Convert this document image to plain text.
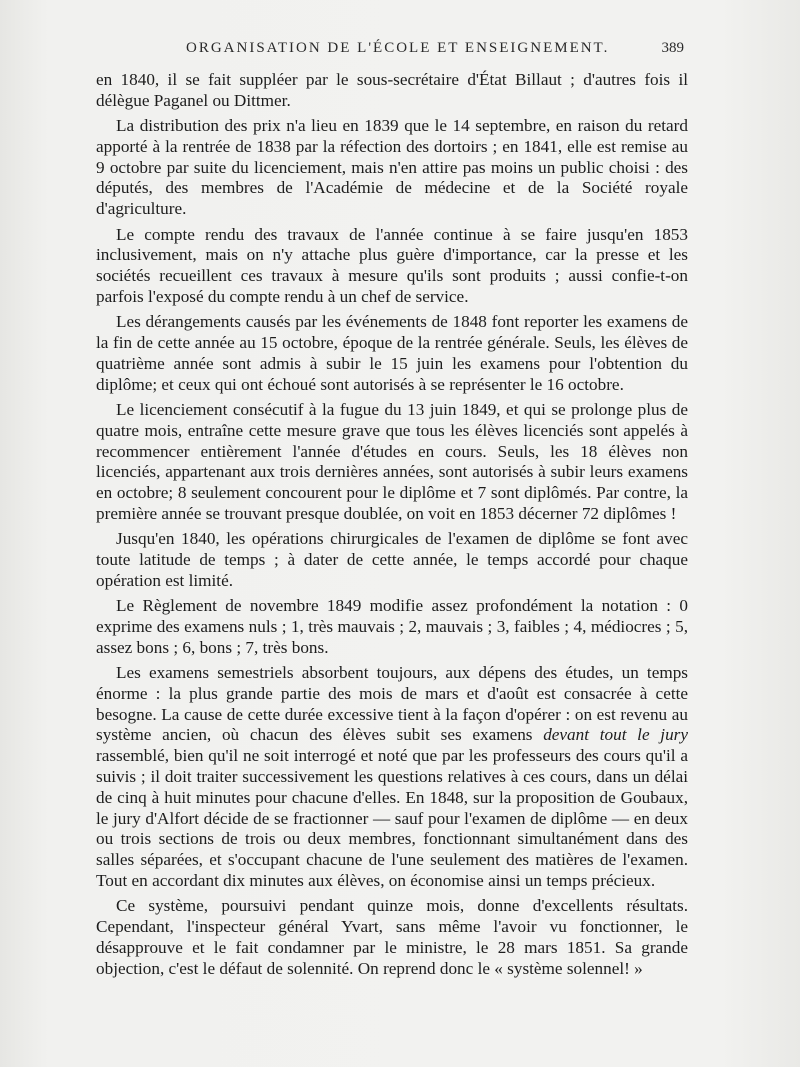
ORGANISATION DE L'ÉCOLE ET ENSEIGNEMENT.	389

en 1840, il se fait suppléer par le sous-secrétaire d'État Billaut ; d'autres fois il délègue Paganel ou Dittmer.

La distribution des prix n'a lieu en 1839 que le 14 septembre, en raison du retard apporté à la rentrée de 1838 par la réfection des dortoirs ; en 1841, elle est remise au 9 octobre par suite du licenciement, mais n'en attire pas moins un public choisi : des députés, des membres de l'Académie de médecine et de la Société royale d'agriculture.

Le compte rendu des travaux de l'année continue à se faire jusqu'en 1853 inclusivement, mais on n'y attache plus guère d'importance, car la presse et les sociétés recueillent ces travaux à mesure qu'ils sont produits ; aussi confie-t-on parfois l'exposé du compte rendu à un chef de service.

Les dérangements causés par les événements de 1848 font reporter les examens de la fin de cette année au 15 octobre, époque de la rentrée générale. Seuls, les élèves de quatrième année sont admis à subir le 15 juin les examens pour l'obtention du diplôme; et ceux qui ont échoué sont autorisés à se représenter le 16 octobre.

Le licenciement consécutif à la fugue du 13 juin 1849, et qui se prolonge plus de quatre mois, entraîne cette mesure grave que tous les élèves licenciés sont appelés à recommencer entièrement l'année d'études en cours. Seuls, les 18 élèves non licenciés, appartenant aux trois dernières années, sont autorisés à subir leurs examens en octobre; 8 seulement concourent pour le diplôme et 7 sont diplômés. Par contre, la première année se trouvant presque doublée, on voit en 1853 décerner 72 diplômes !

Jusqu'en 1840, les opérations chirurgicales de l'examen de diplôme se font avec toute latitude de temps ; à dater de cette année, le temps accordé pour chaque opération est limité.

Le Règlement de novembre 1849 modifie assez profondément la notation : 0 exprime des examens nuls ; 1, très mauvais ; 2, mauvais ; 3, faibles ; 4, médiocres ; 5, assez bons ; 6, bons ; 7, très bons.

Les examens semestriels absorbent toujours, aux dépens des études, un temps énorme : la plus grande partie des mois de mars et d'août est consacrée à cette besogne. La cause de cette durée excessive tient à la façon d'opérer : on est revenu au système ancien, où chacun des élèves subit ses examens devant tout le jury rassemblé, bien qu'il ne soit interrogé et noté que par les professeurs des cours qu'il a suivis ; il doit traiter successivement les questions relatives à ces cours, dans un délai de cinq à huit minutes pour chacune d'elles. En 1848, sur la proposition de Goubaux, le jury d'Alfort décide de se fractionner — sauf pour l'examen de diplôme — en deux ou trois sections de trois ou deux membres, fonctionnant simultanément dans des salles séparées, et s'occupant chacune de l'une seulement des matières de l'examen. Tout en accordant dix minutes aux élèves, on économise ainsi un temps précieux.

Ce système, poursuivi pendant quinze mois, donne d'excellents résultats. Cependant, l'inspecteur général Yvart, sans même l'avoir vu fonctionner, le désapprouve et le fait condamner par le ministre, le 28 mars 1851. Sa grande objection, c'est le défaut de solennité. On reprend donc le « système solennel! »
